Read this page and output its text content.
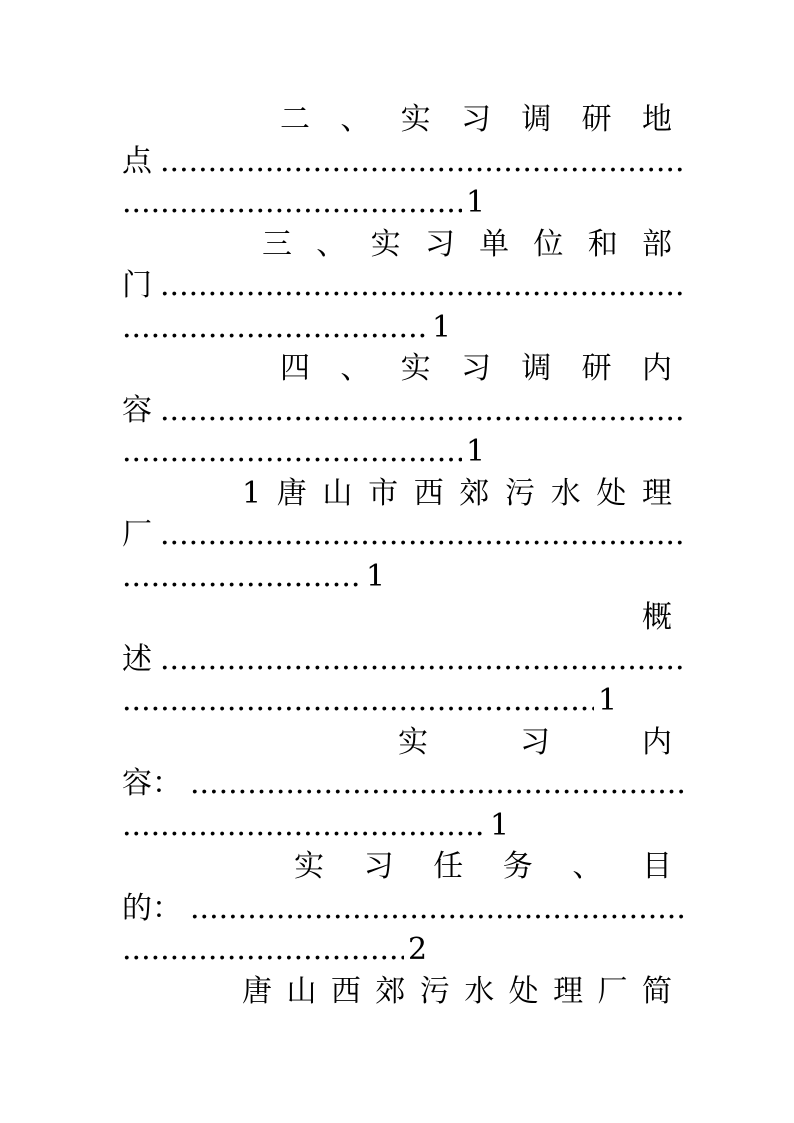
二 、 实 习 调 研 地
点
.....
.....
1
三 、 实 习 单 位 和 部
门
.....
.....
1
四 、 实 习 调 研 内
容
.....
.....
1
1 唐 山 市 西 郊 污 水 处 理
厂
.....
.....
1
概
述
.....
.....
1
实	习	内
容：
.....
.....
1
实 习 任 务 、 目
的：
.....
.....
2
唐 山 西 郊 污 水 处 理 厂 简
